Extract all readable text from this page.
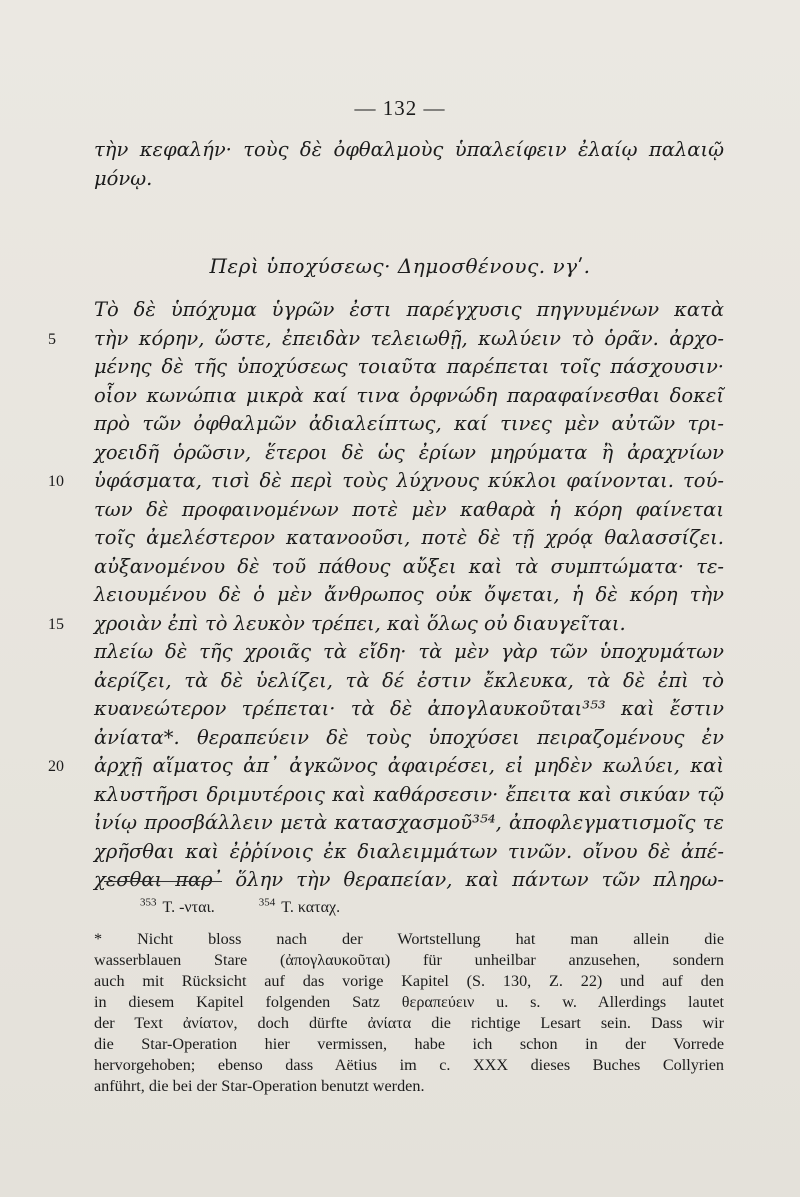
— 132 —
τὴν κεφαλήν· τοὺς δὲ ὀφθαλμοὺς ὑπαλείφειν ἐλαίῳ παλαιῷ
μόνῳ.
Περὶ ὑποχύσεως· Δημοσθένους. νγʹ.
Τὸ δὲ ὑπόχυμα ὑγρῶν ἐστι παρέγχυσις πηγνυμένων κατὰ
τὴν κόρην, ὥστε, ἐπειδὰν τελειωθῇ, κωλύειν τὸ ὁρᾶν. ἀρχο-
μένης δὲ τῆς ὑποχύσεως τοιαῦτα παρέπεται τοῖς πάσχουσιν·
οἷον κωνώπια μικρὰ καί τινα ὀρφνώδη παραφαίνεσθαι δοκεῖ
πρὸ τῶν ὀφθαλμῶν ἀδιαλείπτως, καί τινες μὲν αὐτῶν τρι-
χοειδῆ ὁρῶσιν, ἕτεροι δὲ ὡς ἐρίων μηρύματα ἢ ἀραχνίων
ὑφάσματα, τισὶ δὲ περὶ τοὺς λύχνους κύκλοι φαίνονται. τού-
των δὲ προφαινομένων ποτὲ μὲν καθαρὰ ἡ κόρη φαίνεται
τοῖς ἀμελέστερον κατανοοῦσι, ποτὲ δὲ τῇ χρόᾳ θαλασσίζει.
αὐξανομένου δὲ τοῦ πάθους αὔξει καὶ τὰ συμπτώματα· τε-
λειουμένου δὲ ὁ μὲν ἄνθρωπος οὐκ ὄψεται, ἡ δὲ κόρη τὴν
χροιὰν ἐπὶ τὸ λευκὸν τρέπει, καὶ ὅλως οὐ διαυγεῖται.
πλείω δὲ τῆς χροιᾶς τὰ εἴδη· τὰ μὲν γὰρ τῶν ὑποχυμάτων
ἀερίζει, τὰ δὲ ὑελίζει, τὰ δέ ἐστιν ἔκλευκα, τὰ δὲ ἐπὶ τὸ
κυανεώτερον τρέπεται· τὰ δὲ ἀπογλαυκοῦται³⁵³ καὶ ἔστιν
ἀνίατα*. θεραπεύειν δὲ τοὺς ὑποχύσει πειραζομένους ἐν
ἀρχῇ αἵματος ἀπ᾽ ἀγκῶνος ἀφαιρέσει, εἰ μηδὲν κωλύει, καὶ
κλυστῆρσι δριμυτέροις καὶ καθάρσεσιν· ἔπειτα καὶ σικύαν τῷ
ἰνίῳ προσβάλλειν μετὰ κατασχασμοῦ³⁵⁴, ἀποφλεγματισμοῖς τε
χρῆσθαι καὶ ἐῤῥίνοις ἐκ διαλειμμάτων τινῶν. οἴνου δὲ ἀπέ-
χεσθαι παρ᾽ ὅλην τὴν θεραπείαν, καὶ πάντων τῶν πληρω-
5
10
15
20
$^{353}$ T. -νται.	$^{354}$ T. καταχ.
* Nicht bloss nach der Wortstellung hat man allein die
wasserblauen Stare (ἀπογλαυκοῦται) für unheilbar anzusehen, sondern
auch mit Rücksicht auf das vorige Kapitel (S. 130, Z. 22) und auf den
in diesem Kapitel folgenden Satz θεραπεύειν u. s. w. Allerdings lautet
der Text ἀνίατον, doch dürfte ἀνίατα die richtige Lesart sein. Dass wir
die Star-Operation hier vermissen, habe ich schon in der Vorrede
hervorgehoben; ebenso dass Aëtius im c. XXX dieses Buches Collyrien
anführt, die bei der Star-Operation benutzt werden.
